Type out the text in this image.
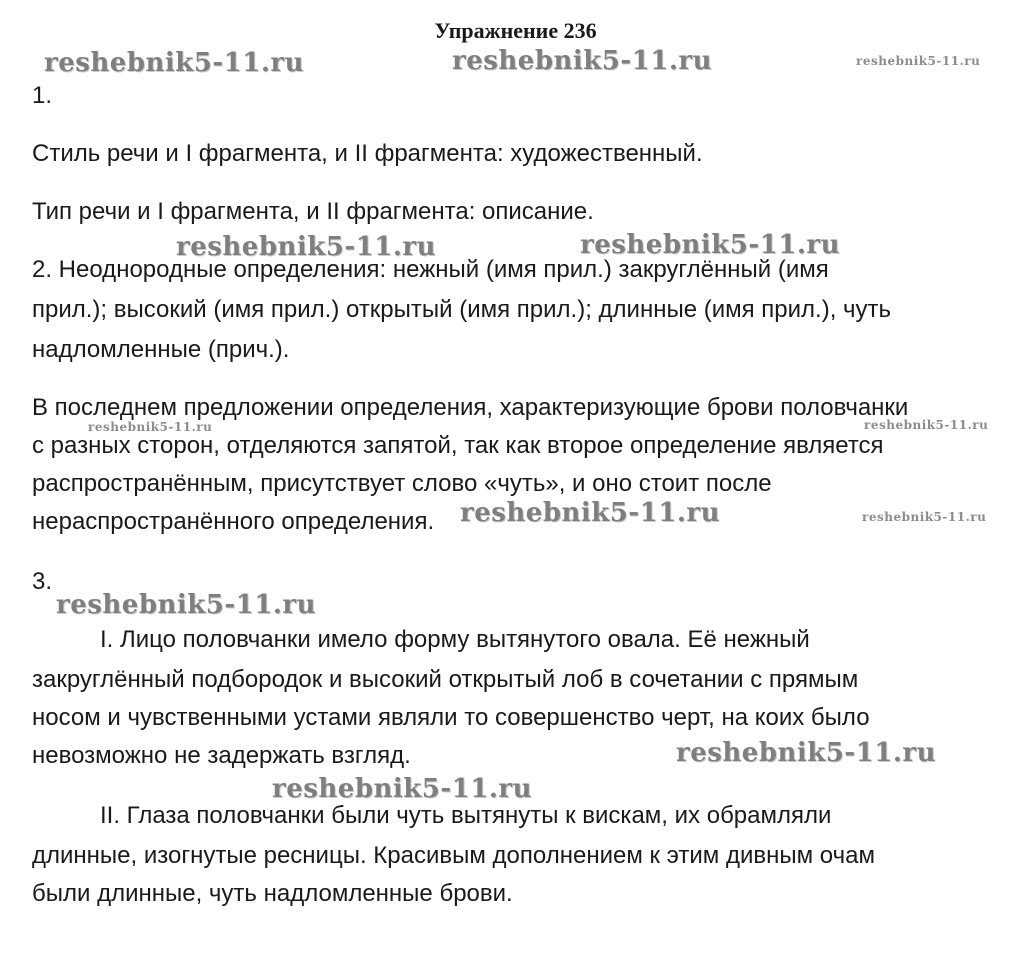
Упражнение 236
reshebnik5-11.ru	reshebnik5-11.ru	reshebnik5-11.ru
reshebnik5-11.ru	reshebnik5-11.ru
reshebnik5-11.ru	reshebnik5-11.ru
reshebnik5-11.ru	reshebnik5-11.ru
reshebnik5-11.ru
reshebnik5-11.ru
reshebnik5-11.ru
1.
Стиль речи и I фрагмента, и II фрагмента: художественный.
Тип речи и I фрагмента, и II фрагмента: описание.
2. Неоднородные определения: нежный (имя прил.) закруглённый (имя
прил.); высокий (имя прил.) открытый (имя прил.); длинные (имя прил.), чуть
надломленные (прич.).
В последнем предложении определения, характеризующие брови половчанки
с разных сторон, отделяются запятой, так как второе определение является
распространённым, присутствует слово «чуть», и оно стоит после
нераспространённого определения.
3.
I. Лицо половчанки имело форму вытянутого овала. Её нежный
закруглённый подбородок и высокий открытый лоб в сочетании с прямым
носом и чувственными устами являли то совершенство черт, на коих было
невозможно не задержать взгляд.
II. Глаза половчанки были чуть вытянуты к вискам, их обрамляли
длинные, изогнутые ресницы. Красивым дополнением к этим дивным очам
были длинные, чуть надломленные брови.
